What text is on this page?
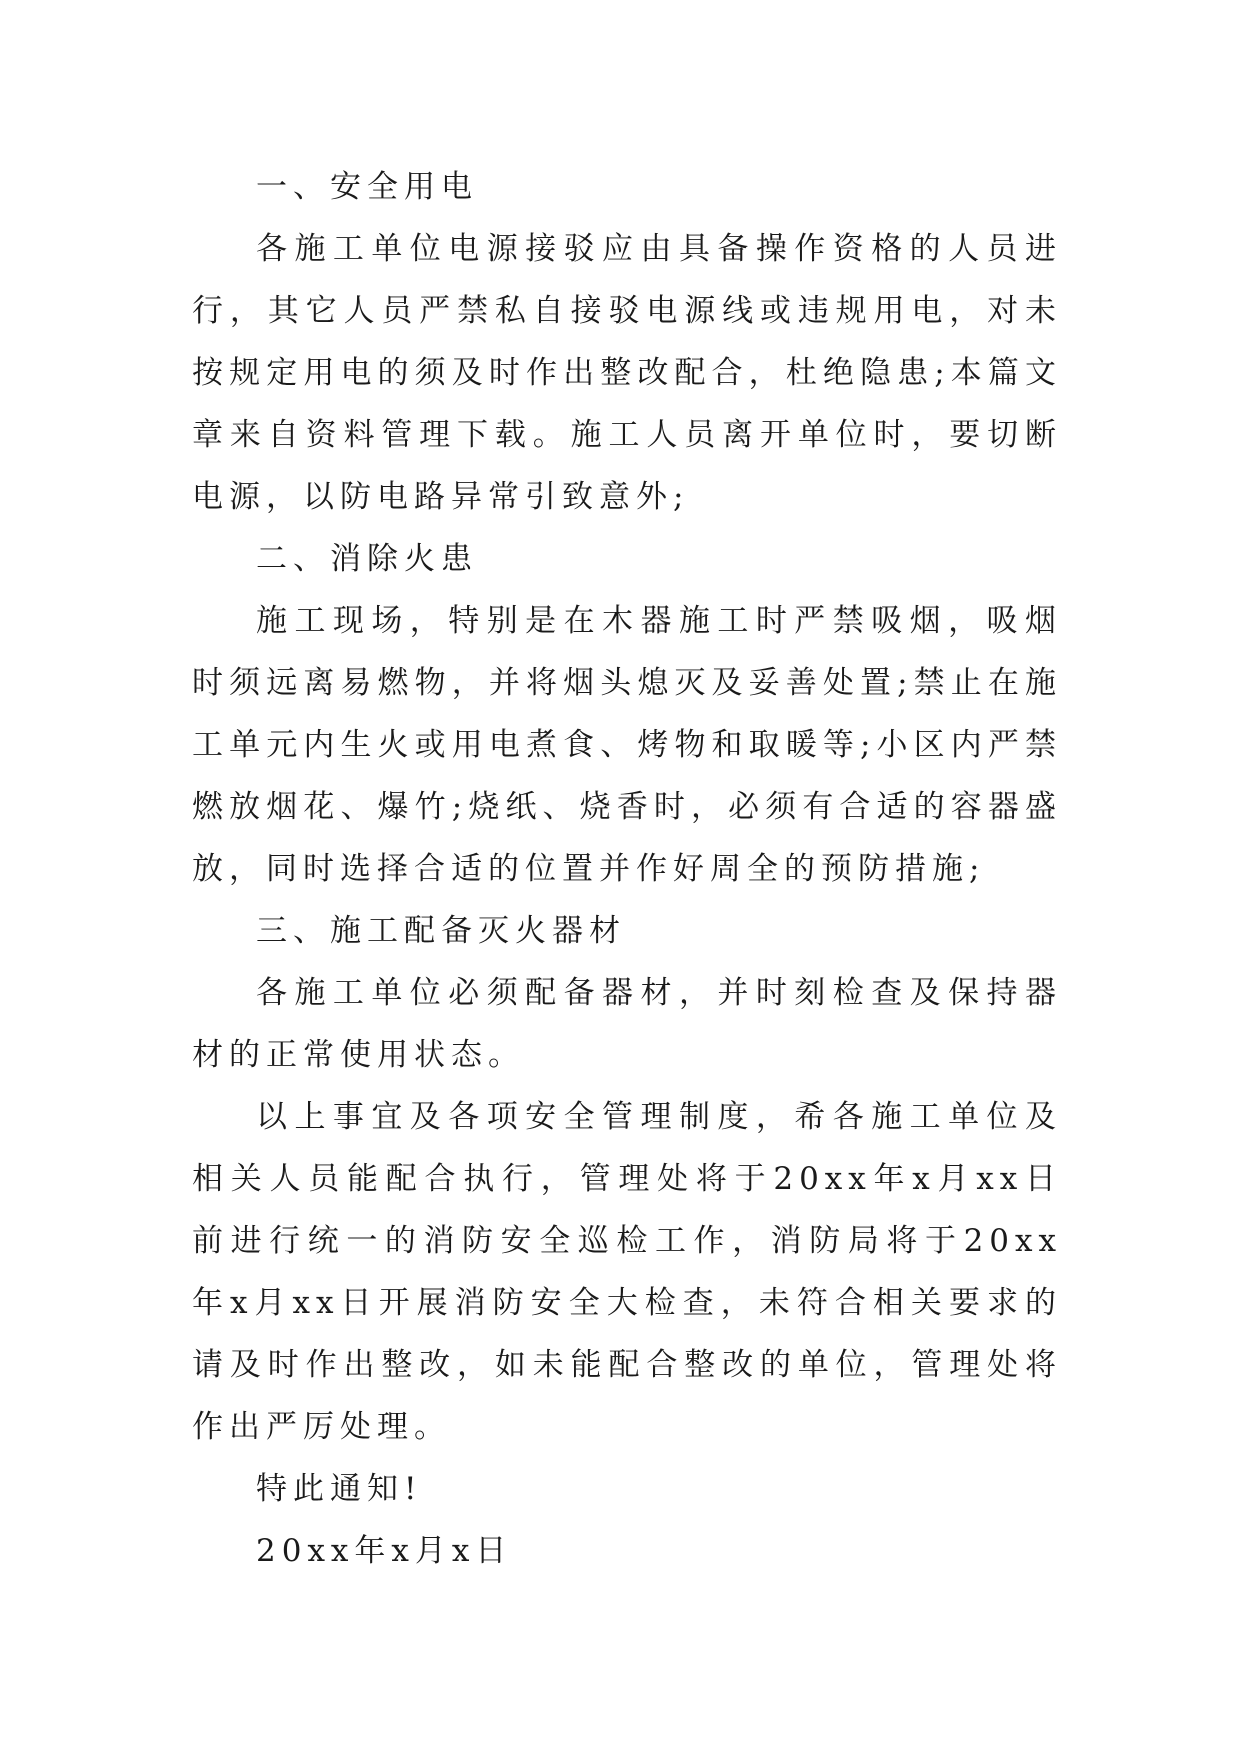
一、安全用电

各施工单位电源接驳应由具备操作资格的人员进行，其它人员严禁私自接驳电源线或违规用电，对未按规定用电的须及时作出整改配合，杜绝隐患;本篇文章来自资料管理下载。施工人员离开单位时，要切断电源，以防电路异常引致意外;

二、消除火患

施工现场，特别是在木器施工时严禁吸烟，吸烟时须远离易燃物，并将烟头熄灭及妥善处置;禁止在施工单元内生火或用电煮食、烤物和取暖等;小区内严禁燃放烟花、爆竹;烧纸、烧香时，必须有合适的容器盛放，同时选择合适的位置并作好周全的预防措施;

三、施工配备灭火器材

各施工单位必须配备器材，并时刻检查及保持器材的正常使用状态。

以上事宜及各项安全管理制度，希各施工单位及相关人员能配合执行，管理处将于20xx年x月xx日前进行统一的消防安全巡检工作，消防局将于20xx年x月xx日开展消防安全大检查，未符合相关要求的请及时作出整改，如未能配合整改的单位，管理处将作出严厉处理。

特此通知!

20xx年x月x日
